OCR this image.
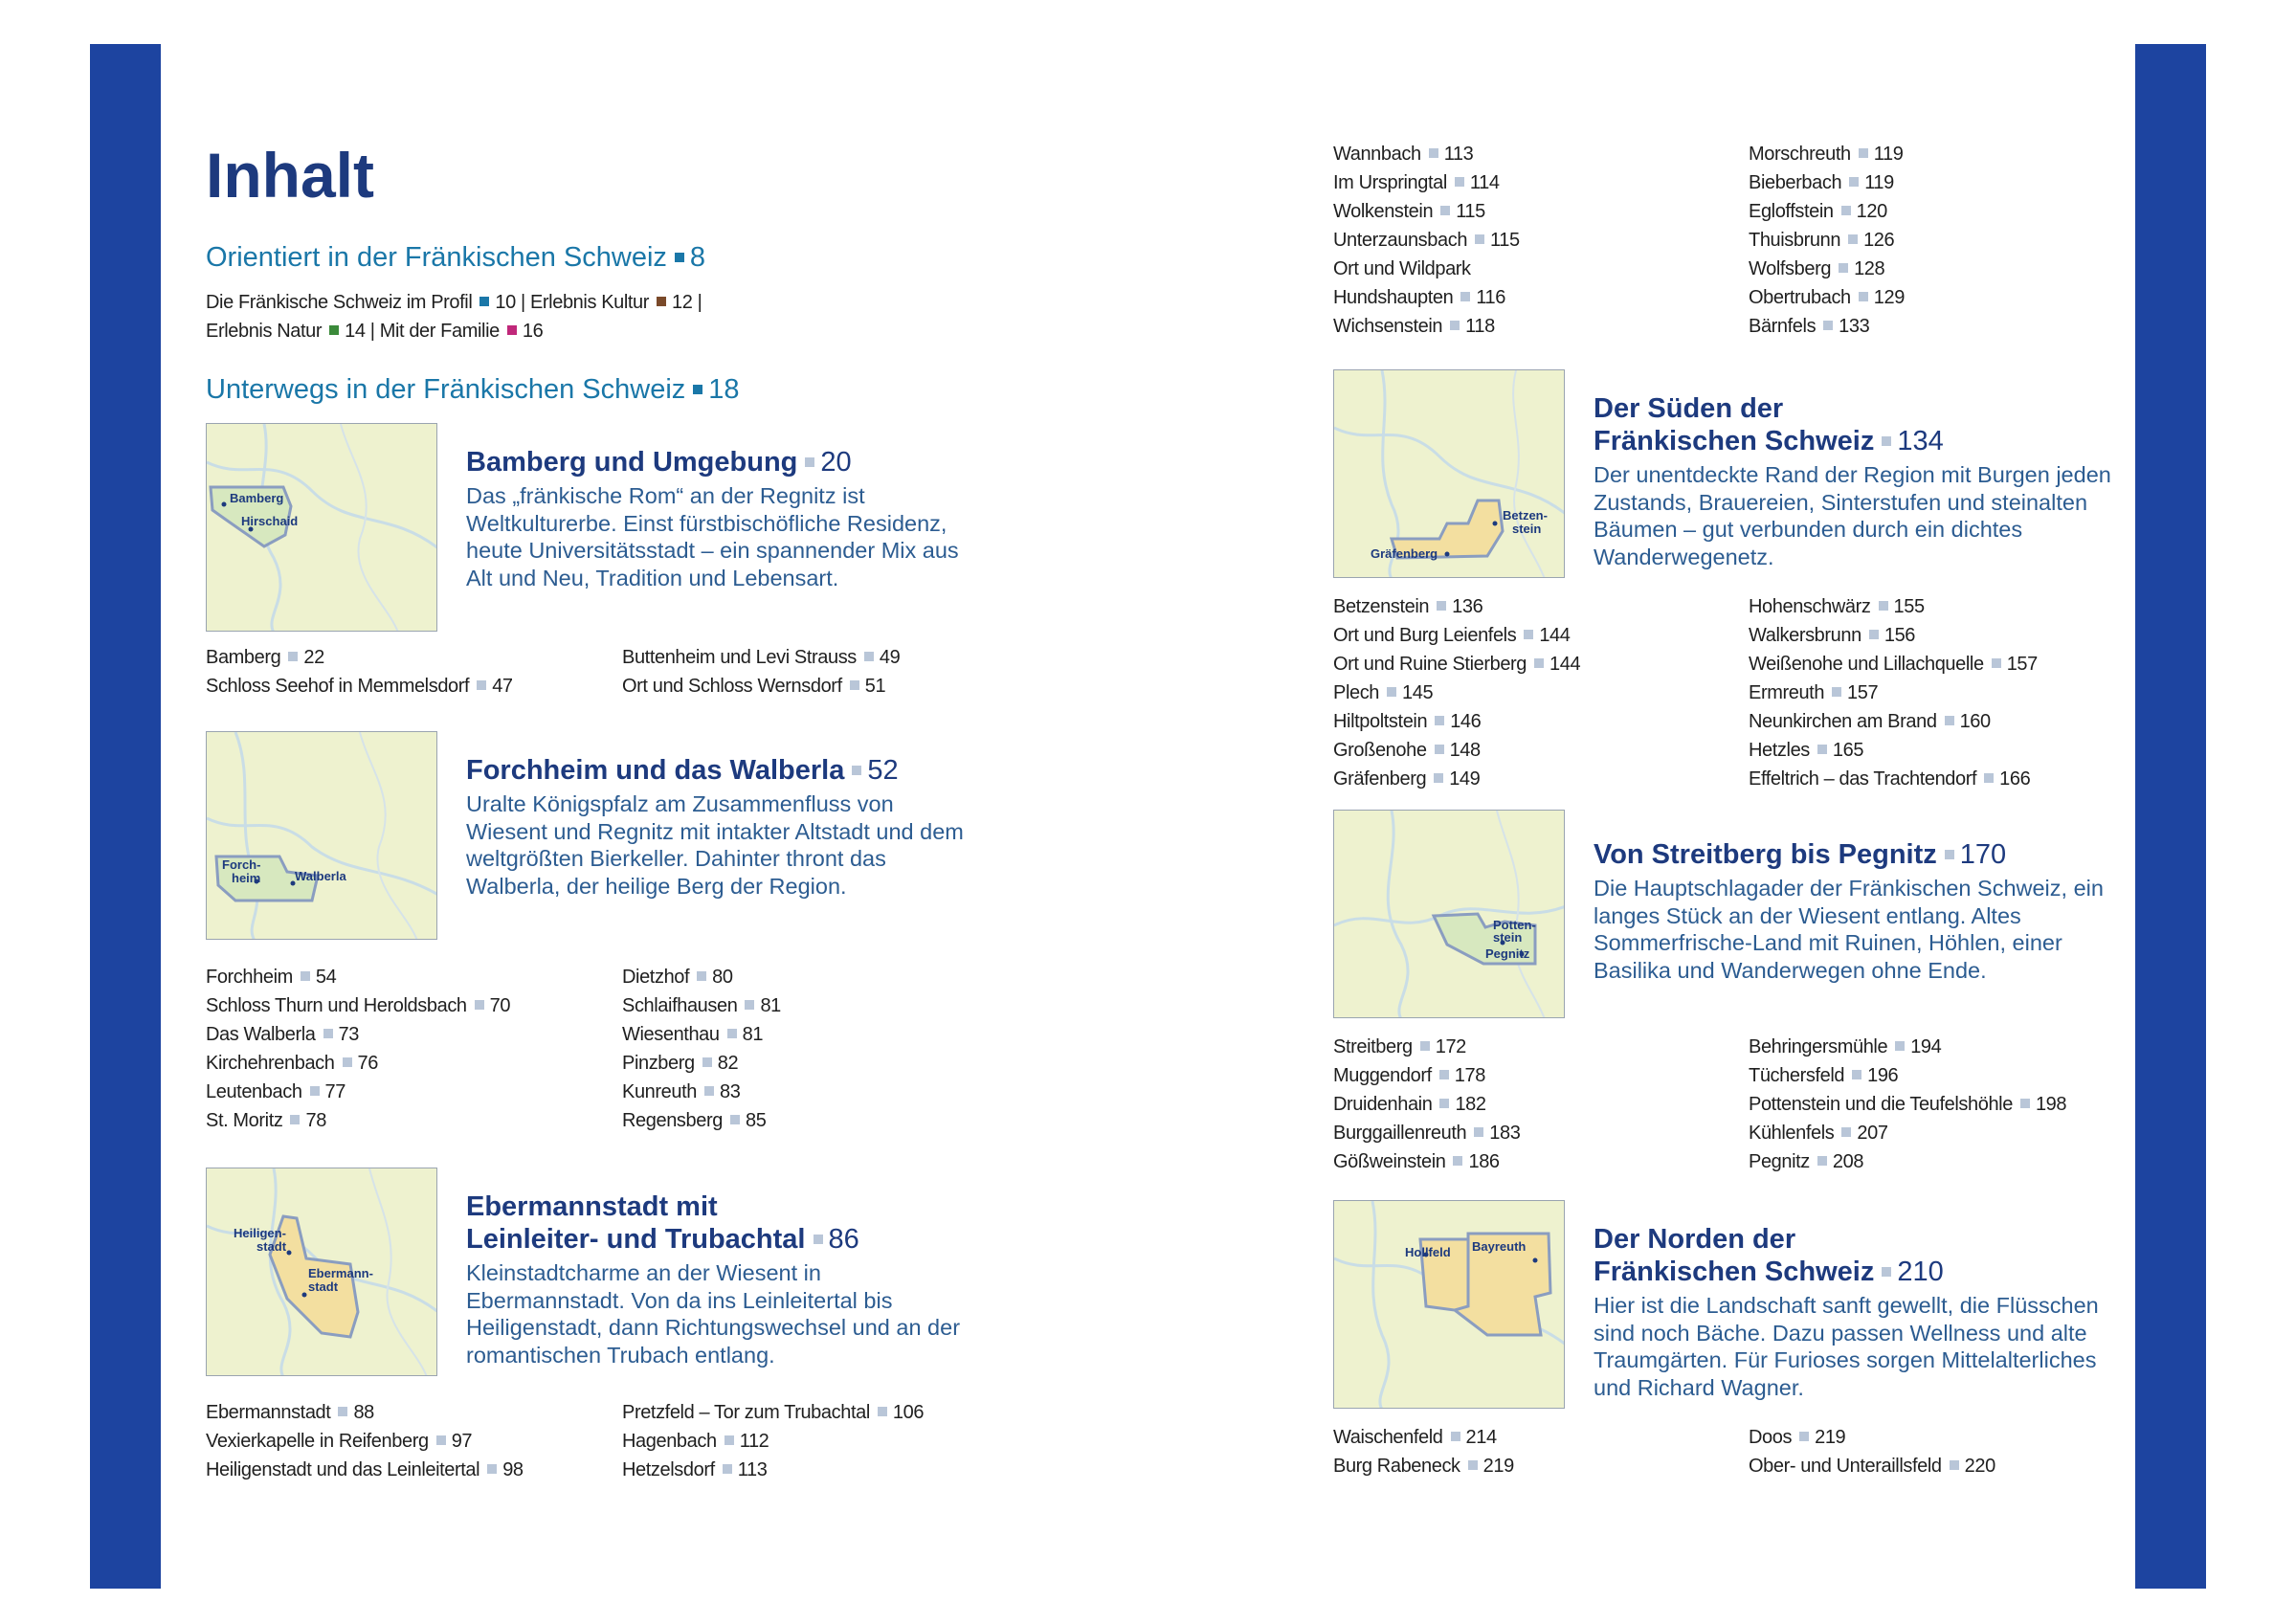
Inhalt
Orientiert in der Fränkischen Schweiz 8
Die Fränkische Schweiz im Profil 10 | Erlebnis Kultur 12 |
Erlebnis Natur 14 | Mit der Familie 16
Unterwegs in der Fränkischen Schweiz 18
Bamberg
Hirschaid
Bamberg und Umgebung 20
Das „fränkische Rom“ an der Regnitz ist Weltkulturerbe. Einst fürstbischöfliche Residenz, heute Universitätsstadt – ein spannender Mix aus Alt und Neu, Tradition und Lebensart.
Bamberg 22
Schloss Seehof in Memmelsdorf 47
Buttenheim und Levi Strauss 49
Ort und Schloss Wernsdorf 51
Forch-
heim	Walberla
Forchheim und das Walberla 52
Uralte Königspfalz am Zusammenfluss von Wiesent und Regnitz mit intakter Altstadt und dem weltgrößten Bierkeller. Dahinter thront das Walberla, der heilige Berg der Region.
Forchheim 54
Schloss Thurn und Heroldsbach 70
Das Walberla 73
Kirchehrenbach 76
Leutenbach 77
St. Moritz 78
Dietzhof 80
Schlaifhausen 81
Wiesenthau 81
Pinzberg 82
Kunreuth 83
Regensberg 85
Heiligen-
stadt
Ebermann-
stadt
Ebermannstadt mit
Leinleiter- und Trubachtal 86
Kleinstadtcharme an der Wiesent in Ebermannstadt. Von da ins Leinleitertal bis Heiligenstadt, dann Richtungswechsel und an der romantischen Trubach entlang.
Ebermannstadt 88
Vexierkapelle in Reifenberg 97
Heiligenstadt und das Leinleitertal 98
Pretzfeld – Tor zum Trubachtal 106
Hagenbach 112
Hetzelsdorf 113
Wannbach 113
Im Urspringtal 114
Wolkenstein 115
Unterzaunsbach 115
Ort und Wildpark
Hundshaupten 116
Wichsenstein 118
Morschreuth 119
Bieberbach 119
Egloffstein 120
Thuisbrunn 126
Wolfsberg 128
Obertrubach 129
Bärnfels 133
Betzen-
stein
Gräfenberg
Der Süden der
Fränkischen Schweiz 134
Der unentdeckte Rand der Region mit Burgen jeden Zustands, Brauereien, Sinterstufen und steinalten Bäumen – gut verbunden durch ein dichtes Wanderwegenetz.
Betzenstein 136
Ort und Burg Leienfels 144
Ort und Ruine Stierberg 144
Plech 145
Hiltpoltstein 146
Großenohe 148
Gräfenberg 149
Hohenschwärz 155
Walkersbrunn 156
Weißenohe und Lillachquelle 157
Ermreuth 157
Neunkirchen am Brand 160
Hetzles 165
Effeltrich – das Trachtendorf 166
Potten-
stein
Pegnitz
Von Streitberg bis Pegnitz 170
Die Hauptschlagader der Fränkischen Schweiz, ein langes Stück an der Wiesent entlang. Altes Sommerfrische-Land mit Ruinen, Höhlen, einer Basilika und Wanderwegen ohne Ende.
Streitberg 172
Muggendorf 178
Druidenhain 182
Burggaillenreuth 183
Gößweinstein 186
Behringersmühle 194
Tüchersfeld 196
Pottenstein und die Teufelshöhle 198
Kühlenfels 207
Pegnitz 208
Hollfeld Bayreuth Der Norden der
Fränkischen Schweiz 210
Hier ist die Landschaft sanft gewellt, die Flüsschen sind noch Bäche. Dazu passen Wellness und alte Traumgärten. Für Furioses sorgen Mittelalterliches und Richard Wagner.
Waischenfeld 214
Burg Rabeneck 219
Doos 219
Ober- und Unteraillsfeld 220
